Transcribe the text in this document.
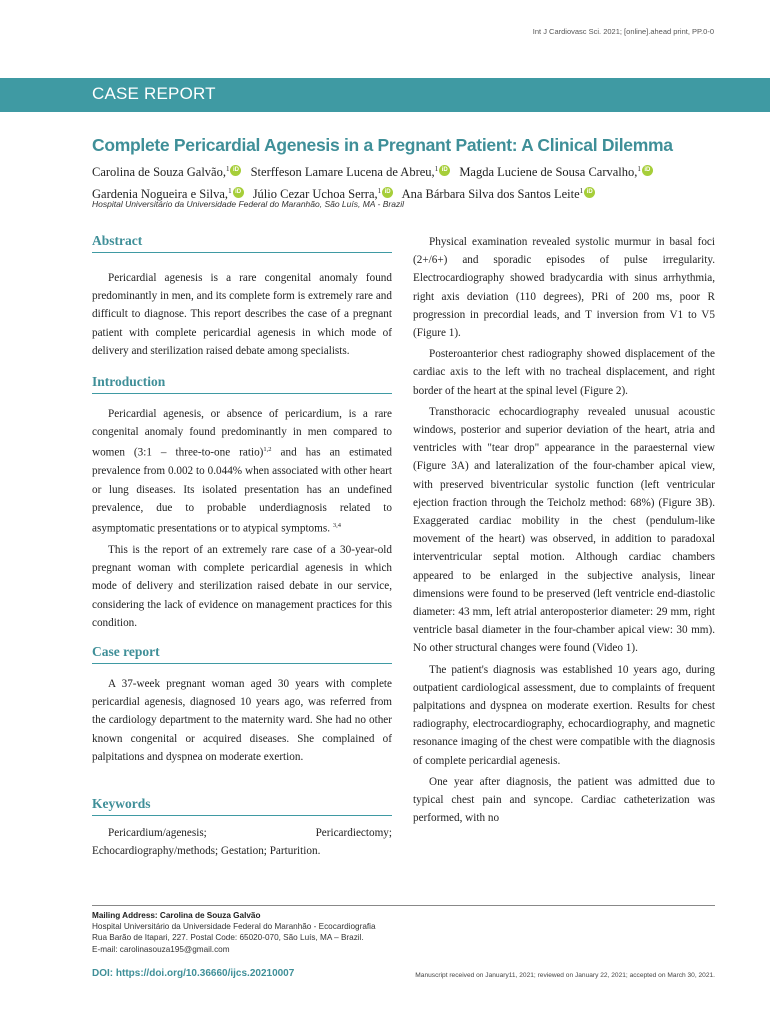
Int J Cardiovasc Sci. 2021; [online].ahead print, PP.0-0
CASE REPORT
Complete Pericardial Agenesis in a Pregnant Patient: A Clinical Dilemma
Carolina de Souza Galvão,$^1$ iD Sterffeson Lamare Lucena de Abreu,$^1$ iD Magda Luciene de Sousa Carvalho,$^1$ iD
Gardenia Nogueira e Silva,$^1$ iD Júlio Cezar Uchoa Serra,$^1$ iD Ana Bárbara Silva dos Santos Leite$^1$ iD
Hospital Universitário da Universidade Federal do Maranhão, São Luís, MA - Brazil
Abstract

Pericardial agenesis is a rare congenital anomaly found predominantly in men, and its complete form is extremely rare and difficult to diagnose. This report describes the case of a pregnant patient with complete pericardial agenesis in which mode of delivery and sterilization raised debate among specialists.

Introduction

Pericardial agenesis, or absence of pericardium, is a rare congenital anomaly found predominantly in men compared to women (3:1 – three-to-one ratio)$^{1,2}$ and has an estimated prevalence from 0.002 to 0.044% when associated with other heart or lung diseases. Its isolated presentation has an undefined prevalence, due to probable underdiagnosis related to asymptomatic presentations or to atypical symptoms. $^{3,4}$

This is the report of an extremely rare case of a 30-year-old pregnant woman with complete pericardial agenesis in which mode of delivery and sterilization raised debate in our service, considering the lack of evidence on management practices for this condition.

Case report

A 37-week pregnant woman aged 30 years with complete pericardial agenesis, diagnosed 10 years ago, was referred from the cardiology department to the maternity ward. She had no other known congenital or acquired diseases. She complained of palpitations and dyspnea on moderate exertion.

Keywords

Pericardium/agenesis; Pericardiectomy; Echocardiography/methods; Gestation; Parturition.

Physical examination revealed systolic murmur in basal foci (2+/6+) and sporadic episodes of pulse irregularity. Electrocardiography showed bradycardia with sinus arrhythmia, right axis deviation (110 degrees), PRi of 200 ms, poor R progression in precordial leads, and T inversion from V1 to V5 (Figure 1).

Posteroanterior chest radiography showed displacement of the cardiac axis to the left with no tracheal displacement, and right border of the heart at the spinal level (Figure 2).

Transthoracic echocardiography revealed unusual acoustic windows, posterior and superior deviation of the heart, atria and ventricles with "tear drop" appearance in the paraesternal view (Figure 3A) and lateralization of the four-chamber apical view, with preserved biventricular systolic function (left ventricular ejection fraction through the Teicholz method: 68%) (Figure 3B). Exaggerated cardiac mobility in the chest (pendulum-like movement of the heart) was observed, in addition to paradoxal interventricular septal motion. Although cardiac chambers appeared to be enlarged in the subjective analysis, linear dimensions were found to be preserved (left ventricle end-diastolic diameter: 43 mm, left atrial anteroposterior diameter: 29 mm, right ventricle basal diameter in the four-chamber apical view: 30 mm). No other structural changes were found (Video 1).

The patient's diagnosis was established 10 years ago, during outpatient cardiological assessment, due to complaints of frequent palpitations and dyspnea on moderate exertion. Results for chest radiography, electrocardiography, echocardiography, and magnetic resonance imaging of the chest were compatible with the diagnosis of complete pericardial agenesis.

One year after diagnosis, the patient was admitted due to typical chest pain and syncope. Cardiac catheterization was performed, with no

Mailing Address: Carolina de Souza Galvão
Hospital Universitário da Universidade Federal do Maranhão - Ecocardiografia
Rua Barão de Itapari, 227. Postal Code: 65020-070, São Luís, MA – Brazil.
E-mail: carolinasouza195@gmail.com
DOI: https://doi.org/10.36660/ijcs.20210007	Manuscript received on January11, 2021; reviewed on January 22, 2021; accepted on March 30, 2021.
